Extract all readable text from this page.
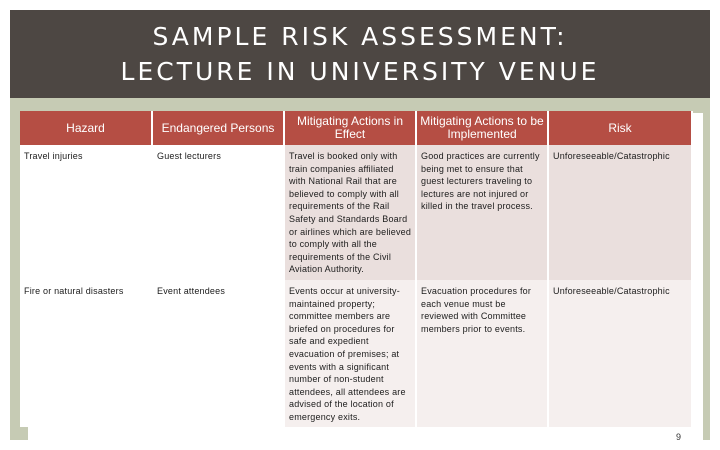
SAMPLE RISK ASSESSMENT:
LECTURE IN UNIVERSITY VENUE
9
Hazard	Endangered Persons	Mitigating Actions in Effect	Mitigating Actions to be Implemented	Risk
Travel injuries	Guest lecturers	Travel is booked only with train companies affiliated with National Rail that are believed to comply with all requirements of the Rail Safety and Standards Board or airlines which are believed to comply with all the requirements of the Civil Aviation Authority.	Good practices are currently being met to ensure that guest lecturers traveling to lectures are not injured or killed in the travel process.	Unforeseeable/Catastrophic
Fire or natural disasters	Event attendees	Events occur at university-maintained property; committee members are briefed on procedures for safe and expedient evacuation of premises; at events with a significant number of non-student attendees, all attendees are advised of the location of emergency exits.	Evacuation procedures for each venue must be reviewed with Committee members prior to events.	Unforeseeable/Catastrophic
